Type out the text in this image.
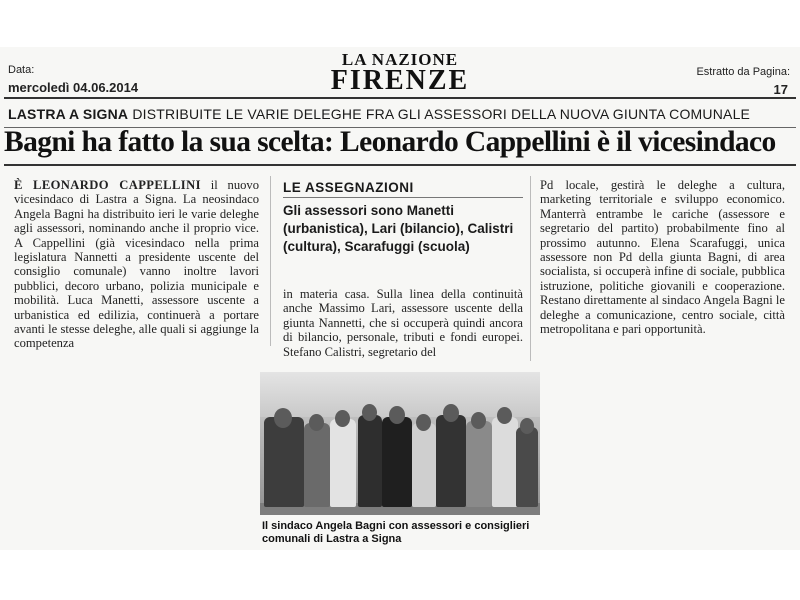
Data:
mercoledì 04.06.2014
LA NAZIONE
FIRENZE	Estratto da Pagina:
17
LASTRA A SIGNA DISTRIBUITE LE VARIE DELEGHE FRA GLI ASSESSORI DELLA NUOVA GIUNTA COMUNALE
Bagni ha fatto la sua scelta: Leonardo Cappellini è il vicesindaco
È LEONARDO CAPPELLINI il nuovo vicesindaco di Lastra a Signa. La neosindaco Angela Bagni ha distribuito ieri le varie deleghe agli assessori, nominando anche il proprio vice. A Cappellini (già vicesindaco nella prima legislatura Nannetti a presidente uscente del consiglio comunale) vanno inoltre lavori pubblici, decoro urbano, polizia municipale e mobilità. Luca Manetti, assessore uscente a urbanistica ed edilizia, continuerà a portare avanti le stesse deleghe, alle quali si aggiunge la competenza
LE ASSEGNAZIONI
Gli assessori sono Manetti (urbanistica), Lari (bilancio), Calistri (cultura), Scarafuggi (scuola)
in materia casa. Sulla linea della continuità anche Massimo Lari, assessore uscente della giunta Nannetti, che si occuperà quindi ancora di bilancio, personale, tributi e fondi europei. Stefano Calistri, segretario del
Pd locale, gestirà le deleghe a cultura, marketing territoriale e sviluppo economico. Manterrà entrambe le cariche (assessore e segretario del partito) probabilmente fino al prossimo autunno. Elena Scarafuggi, unica assessore non Pd della giunta Bagni, di area socialista, si occuperà infine di sociale, pubblica istruzione, politiche giovanili e cooperazione. Restano direttamente al sindaco Angela Bagni le deleghe a comunicazione, centro sociale, città metropolitana e pari opportunità.
Il sindaco Angela Bagni con assessori e consiglieri comunali di Lastra a Signa
